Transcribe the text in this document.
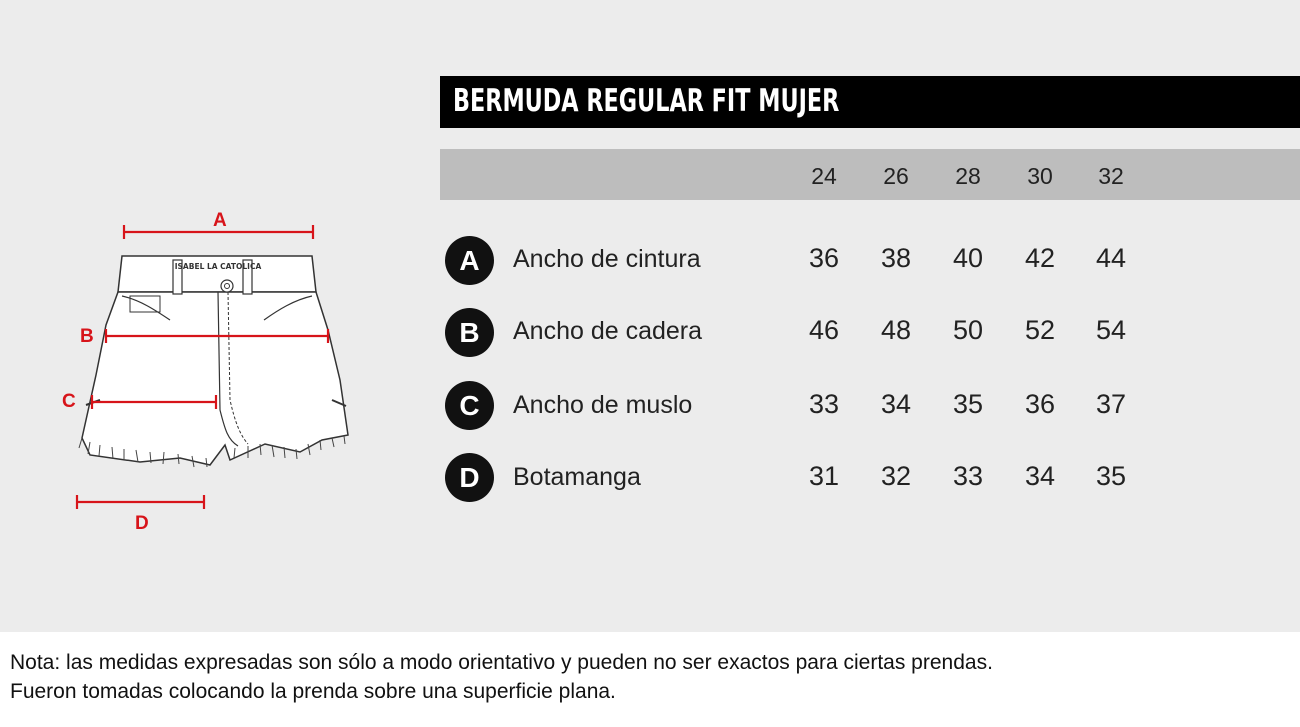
ISABEL LA CATOLICA
A
B
C
D
BERMUDA REGULAR FIT MUJER
24	26	28	30	32
A	Ancho de cintura	36	38	40	42	44
B	Ancho de cadera	46	48	50	52	54
C	Ancho de muslo	33	34	35	36	37
D	Botamanga	31	32	33	34	35
Nota: las medidas expresadas son sólo a modo orientativo y pueden no ser exactos para ciertas prendas.
Fueron tomadas colocando la prenda sobre una superficie plana.
